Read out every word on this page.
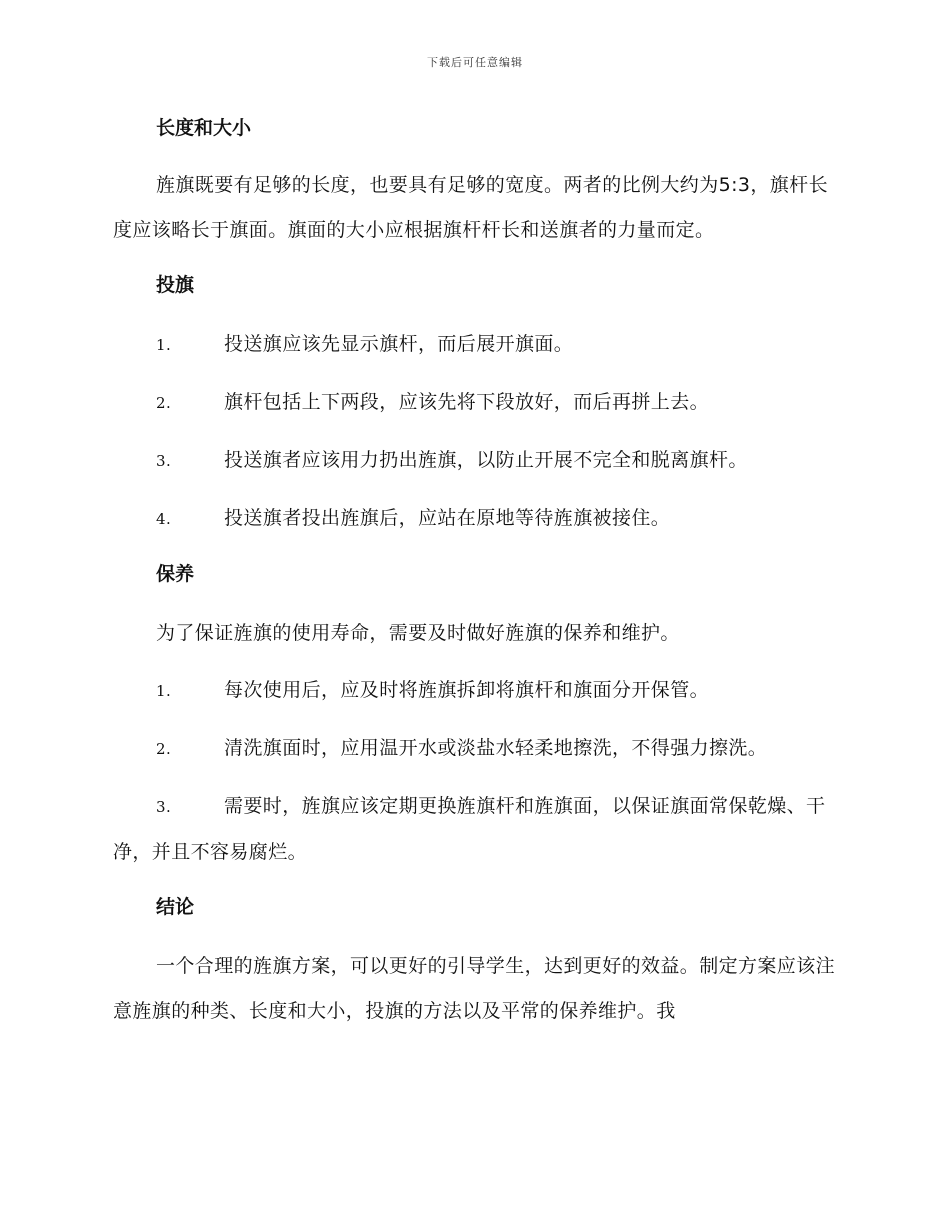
下载后可任意编辑
长度和大小

旌旗既要有足够的长度，也要具有足够的宽度。两者的比例大约为5:3，旗杆长度应该略长于旗面。旗面的大小应根据旗杆杆长和送旗者的力量而定。

投旗
1.	投送旗应该先显示旗杆，而后展开旗面。
2.	旗杆包括上下两段，应该先将下段放好，而后再拼上去。
3.	投送旗者应该用力扔出旌旗，以防止开展不完全和脱离旗杆。
4.	投送旗者投出旌旗后，应站在原地等待旌旗被接住。
保养

为了保证旌旗的使用寿命，需要及时做好旌旗的保养和维护。

1.	每次使用后，应及时将旌旗拆卸将旗杆和旗面分开保管。
2.	清洗旗面时，应用温开水或淡盐水轻柔地擦洗，不得强力擦洗。
3.	需要时，旌旗应该定期更换旌旗杆和旌旗面，以保证旗面常保乾燥、干净，并且不容易腐烂。
结论

一个合理的旌旗方案，可以更好的引导学生，达到更好的效益。制定方案应该注意旌旗的种类、长度和大小，投旗的方法以及平常的保养维护。我
